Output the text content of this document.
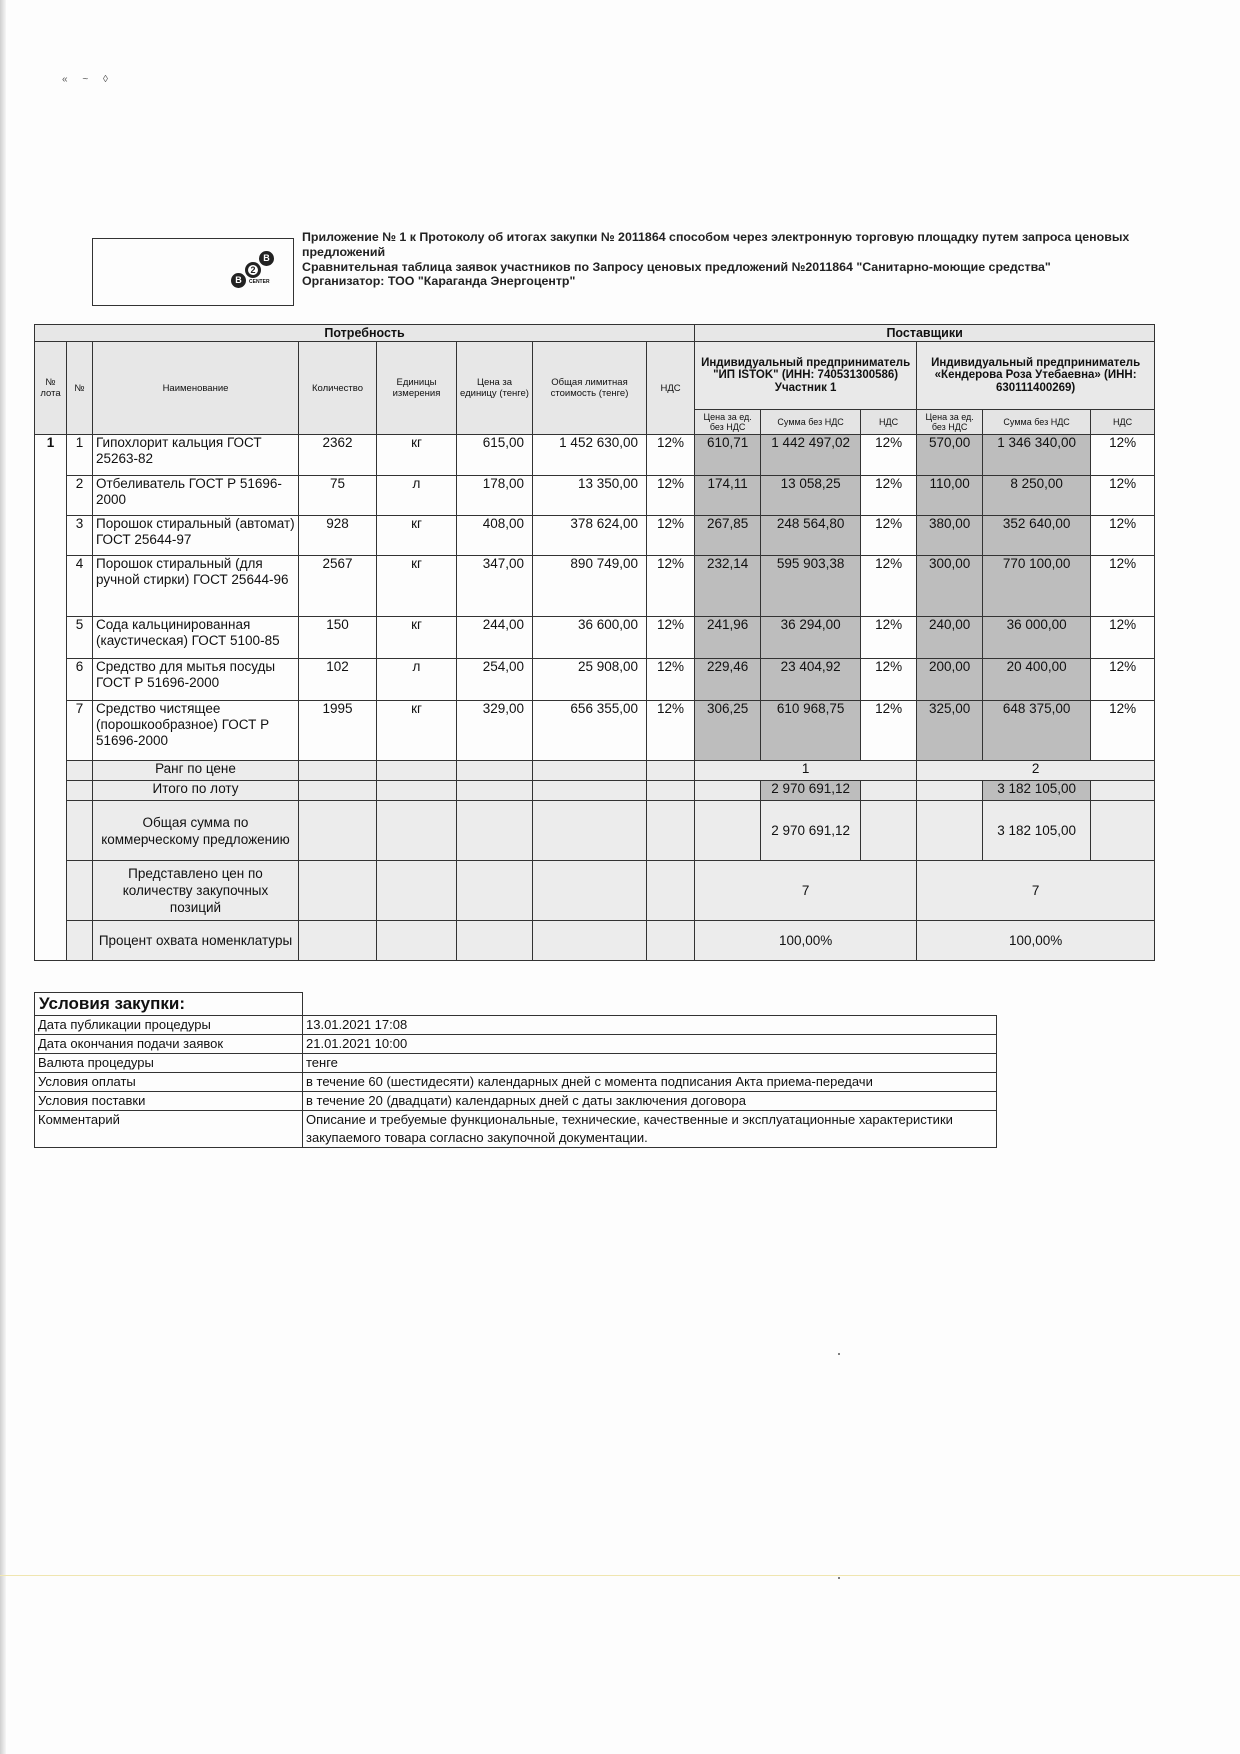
« ~ ◊
B
2
B
CENTER
Приложение № 1 к Протоколу об итогах закупки № 2011864 способом через электронную торговую площадку путем запроса ценовых предложений
Сравнительная таблица заявок участников по Запросу ценовых предложений №2011864 "Санитарно-моющие средства"
Организатор: ТОО "Караганда Энергоцентр"
Потребность								Поставщики					
№ лота	№	Наименование	Количество	Единицы измерения	Цена за единицу (тенге)	Общая лимитная стоимость (тенге)	НДС	Индивидуальный предприниматель "ИП ISTOK" (ИНН: 740531300586) Участник 1			Индивидуальный предприниматель «Кендерова Роза Утебаевна» (ИНН: 630111400269)		
								Цена за ед. без НДС	Сумма без НДС	НДС	Цена за ед. без НДС	Сумма без НДС	НДС
1	1	Гипохлорит кальция ГОСТ 25263-82	2362	кг	615,00	1 452 630,00	12%	610,71	1 442 497,02	12%	570,00	1 346 340,00	12%
	2	Отбеливатель ГОСТ Р 51696-2000	75	л	178,00	13 350,00	12%	174,11	13 058,25	12%	110,00	8 250,00	12%
	3	Порошок стиральный (автомат) ГОСТ 25644-97	928	кг	408,00	378 624,00	12%	267,85	248 564,80	12%	380,00	352 640,00	12%
	4	Порошок стиральный (для ручной стирки) ГОСТ 25644-96	2567	кг	347,00	890 749,00	12%	232,14	595 903,38	12%	300,00	770 100,00	12%
	5	Сода кальцинированная (каустическая) ГОСТ 5100-85	150	кг	244,00	36 600,00	12%	241,96	36 294,00	12%	240,00	36 000,00	12%
	6	Средство для мытья посуды ГОСТ Р 51696-2000	102	л	254,00	25 908,00	12%	229,46	23 404,92	12%	200,00	20 400,00	12%
	7	Средство чистящее (порошкообразное) ГОСТ Р 51696-2000	1995	кг	329,00	656 355,00	12%	306,25	610 968,75	12%	325,00	648 375,00	12%
		Ранг по цене						1			2		
		Итого по лоту							2 970 691,12			3 182 105,00	
		Общая сумма по коммерческому предложению							2 970 691,12			3 182 105,00	
		Представлено цен по количеству закупочных позиций						7			7		
		Процент охвата номенклатуры						100,00%			100,00%		
Условия закупки:	
Дата публикации процедуры	13.01.2021 17:08
Дата окончания подачи заявок	21.01.2021 10:00
Валюта процедуры	тенге
Условия оплаты	в течение 60 (шестидесяти) календарных дней с момента подписания Акта приема-передачи
Условия поставки	в течение 20 (двадцати) календарных дней с даты заключения договора
Комментарий	Описание и требуемые функциональные, технические, качественные и эксплуатационные характеристики закупаемого товара согласно закупочной документации.
